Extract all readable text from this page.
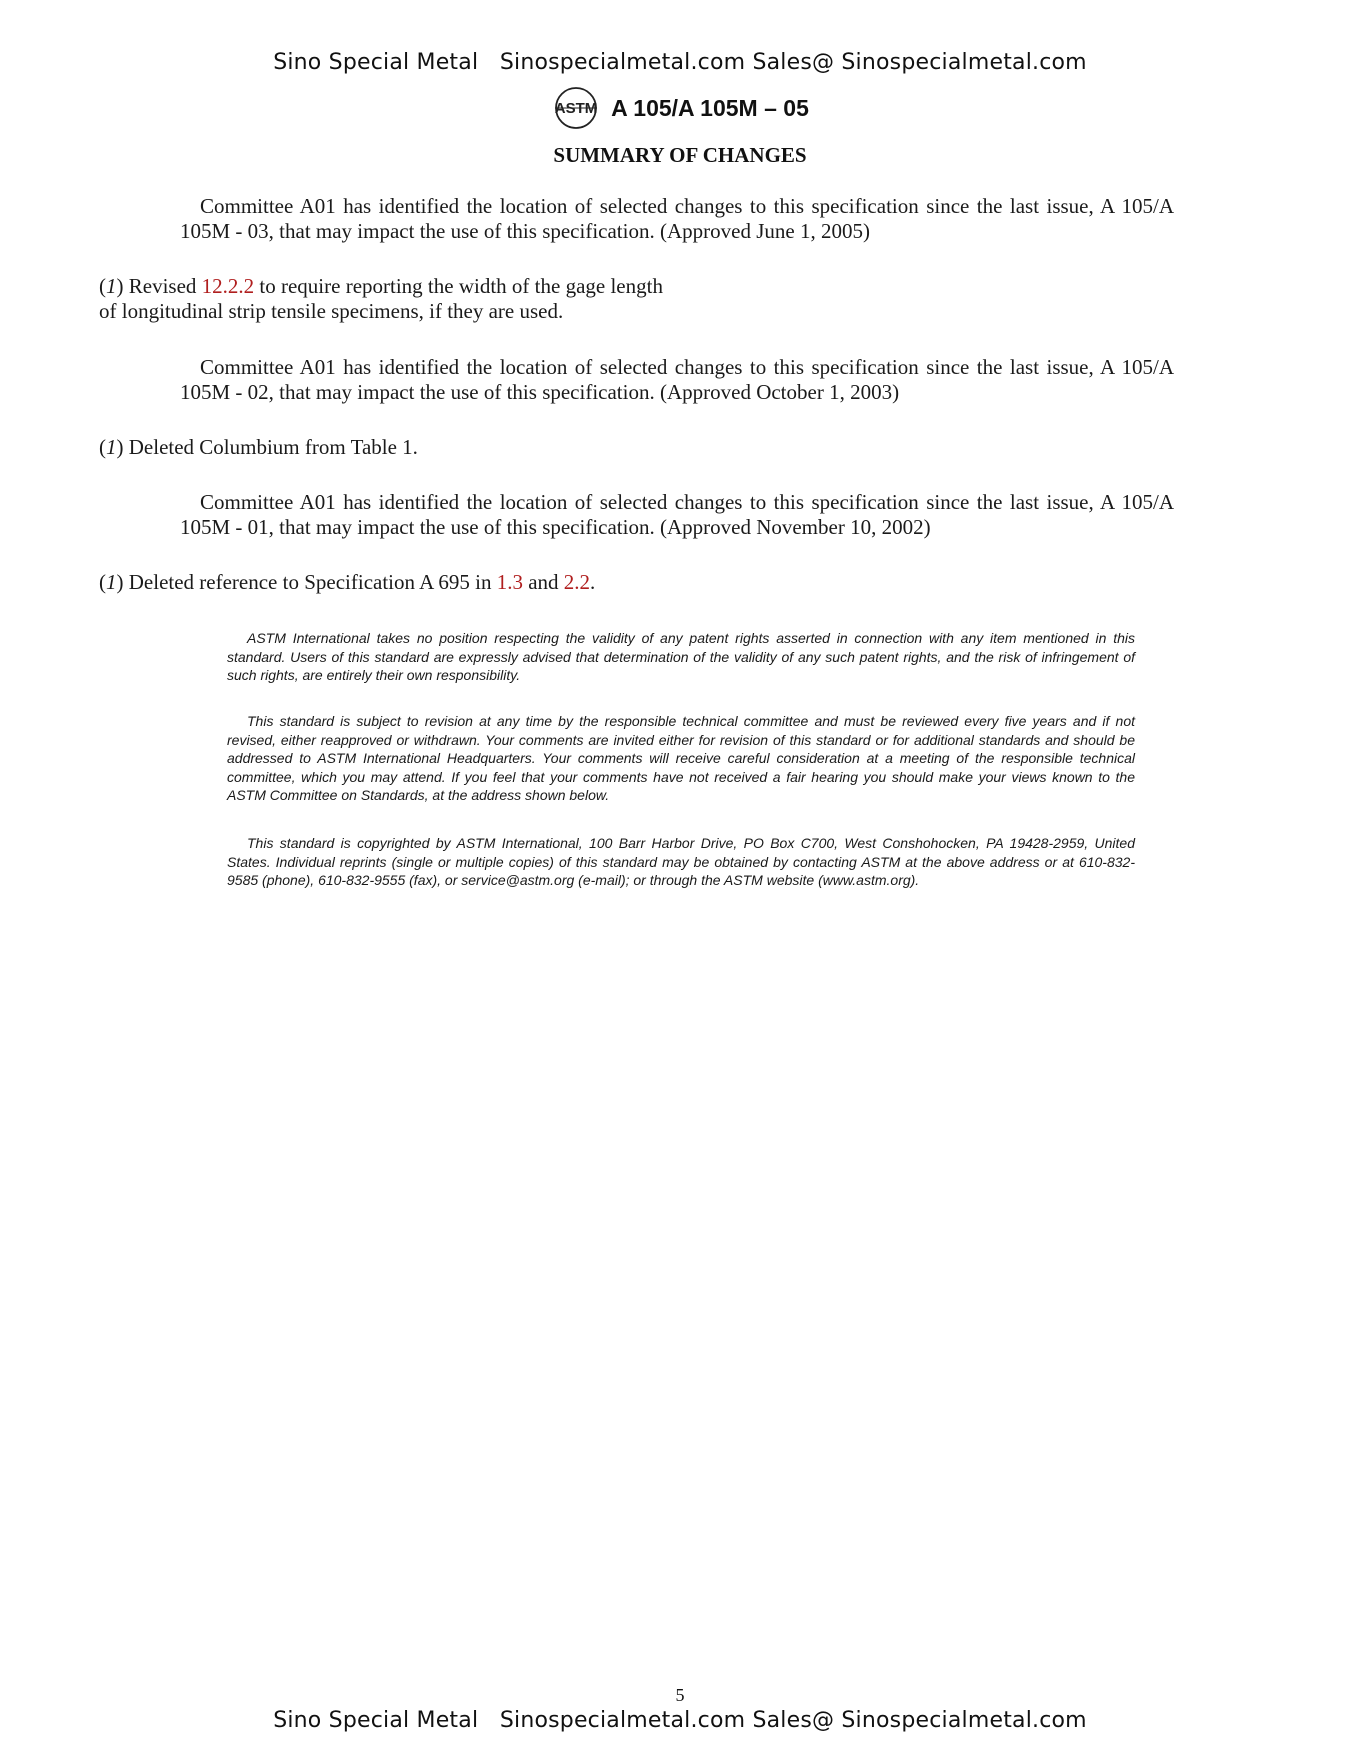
Sino Special Metal   Sinospecialmetal.com Sales@ Sinospecialmetal.com
ASTM A 105/A 105M – 05
SUMMARY OF CHANGES
Committee A01 has identified the location of selected changes to this specification since the last issue, A 105/A 105M - 03, that may impact the use of this specification. (Approved June 1, 2005)
(1) Revised 12.2.2 to require reporting the width of the gage length of longitudinal strip tensile specimens, if they are used.
Committee A01 has identified the location of selected changes to this specification since the last issue, A 105/A 105M - 02, that may impact the use of this specification. (Approved October 1, 2003)
(1) Deleted Columbium from Table 1.
Committee A01 has identified the location of selected changes to this specification since the last issue, A 105/A 105M - 01, that may impact the use of this specification. (Approved November 10, 2002)
(1) Deleted reference to Specification A 695 in 1.3 and 2.2.
ASTM International takes no position respecting the validity of any patent rights asserted in connection with any item mentioned in this standard. Users of this standard are expressly advised that determination of the validity of any such patent rights, and the risk of infringement of such rights, are entirely their own responsibility.
This standard is subject to revision at any time by the responsible technical committee and must be reviewed every five years and if not revised, either reapproved or withdrawn. Your comments are invited either for revision of this standard or for additional standards and should be addressed to ASTM International Headquarters. Your comments will receive careful consideration at a meeting of the responsible technical committee, which you may attend. If you feel that your comments have not received a fair hearing you should make your views known to the ASTM Committee on Standards, at the address shown below.
This standard is copyrighted by ASTM International, 100 Barr Harbor Drive, PO Box C700, West Conshohocken, PA 19428-2959, United States. Individual reprints (single or multiple copies) of this standard may be obtained by contacting ASTM at the above address or at 610-832-9585 (phone), 610-832-9555 (fax), or service@astm.org (e-mail); or through the ASTM website (www.astm.org).
5
Sino Special Metal   Sinospecialmetal.com Sales@ Sinospecialmetal.com
